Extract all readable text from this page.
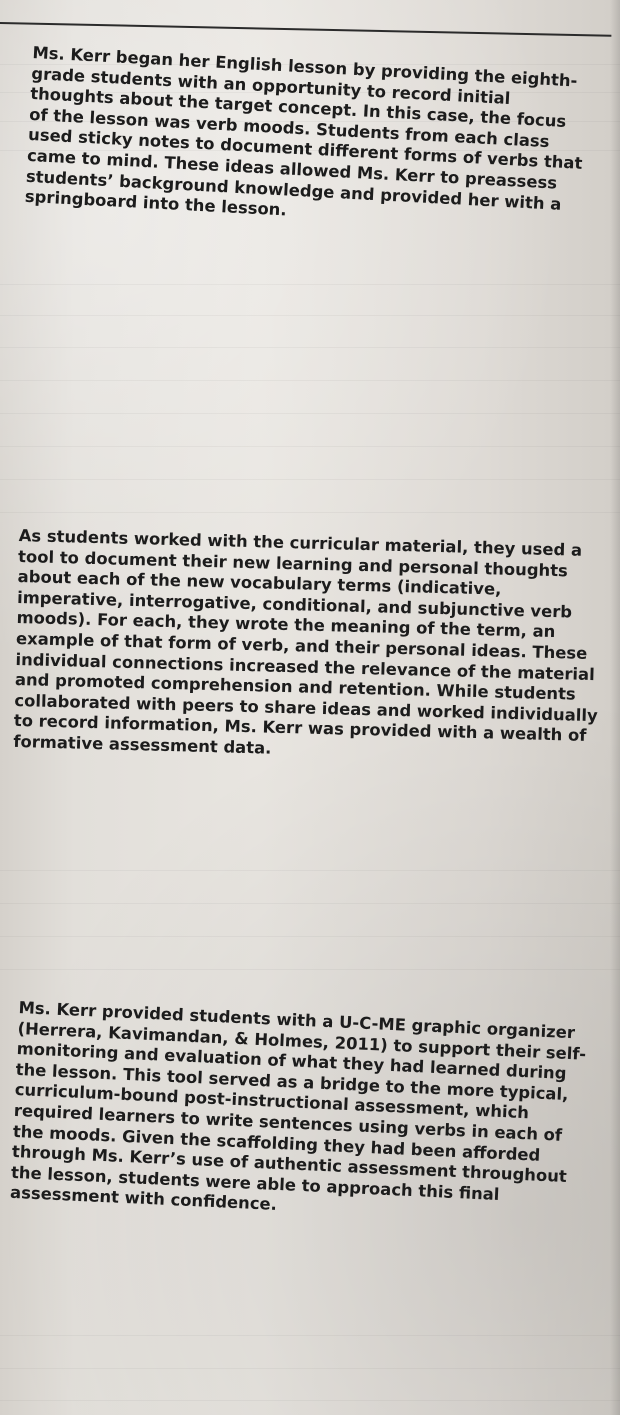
Ms. Kerr began her English lesson by providing the eighth-grade students with an opportunity to record initial thoughts about the target concept. In this case, the focus of the lesson was verb moods. Students from each class used sticky notes to document different forms of verbs that came to mind. These ideas allowed Ms. Kerr to preassess students’ background knowledge and provided her with a springboard into the lesson.

As students worked with the curricular material, they used a tool to document their new learning and personal thoughts about each of the new vocabulary terms (indicative, imperative, interrogative, conditional, and subjunctive verb moods). For each, they wrote the meaning of the term, an example of that form of verb, and their personal ideas. These individual connections increased the relevance of the material and promoted comprehension and retention. While students collaborated with peers to share ideas and worked individually to record information, Ms. Kerr was provided with a wealth of formative assessment data.

Ms. Kerr provided students with a U-C-ME graphic organizer (Herrera, Kavimandan, & Holmes, 2011) to support their self-monitoring and evaluation of what they had learned during the lesson. This tool served as a bridge to the more typical, curriculum-bound post-instructional assessment, which required learners to write sentences using verbs in each of the moods. Given the scaffolding they had been afforded through Ms. Kerr’s use of authentic assessment throughout the lesson, students were able to approach this final assessment with confidence.
